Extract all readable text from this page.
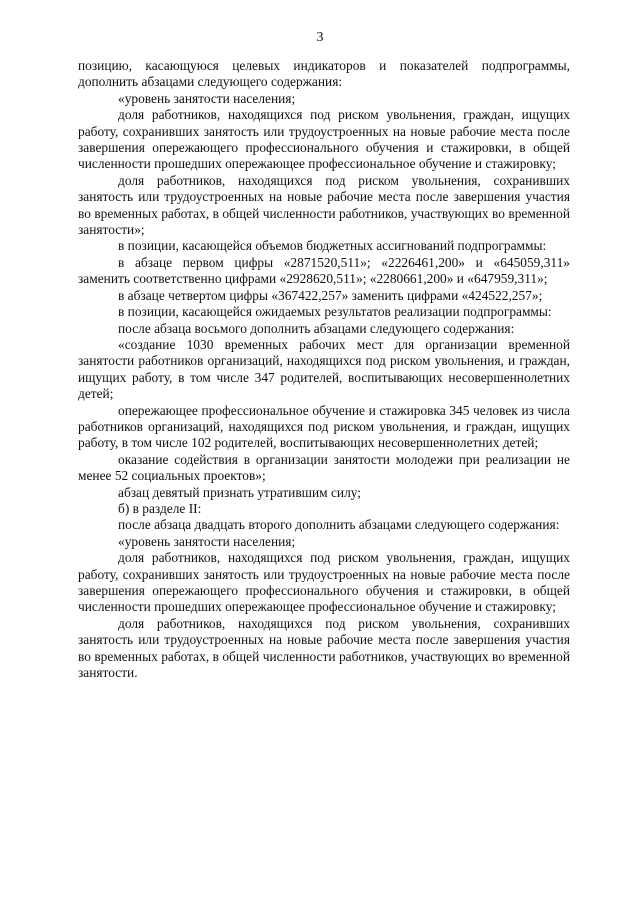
3

позицию, касающуюся целевых индикаторов и показателей подпрограммы, дополнить абзацами следующего содержания:

«уровень занятости населения;

доля работников, находящихся под риском увольнения, граждан, ищущих работу, сохранивших занятость или трудоустроенных на новые рабочие места после завершения опережающего профессионального обучения и стажировки, в общей численности прошедших опережающее профессиональное обучение и стажировку;

доля работников, находящихся под риском увольнения, сохранивших занятость или трудоустроенных на новые рабочие места после завершения участия во временных работах, в общей численности работников, участвующих во временной занятости»;

в позиции, касающейся объемов бюджетных ассигнований подпрограммы:

в абзаце первом цифры «2871520,511»; «2226461,200» и «645059,311» заменить соответственно цифрами «2928620,511»; «2280661,200» и «647959,311»;

в абзаце четвертом цифры «367422,257» заменить цифрами «424522,257»;

в позиции, касающейся ожидаемых результатов реализации подпрограммы:

после абзаца восьмого дополнить абзацами следующего содержания:

«создание 1030 временных рабочих мест для организации временной занятости работников организаций, находящихся под риском увольнения, и граждан, ищущих работу, в том числе 347 родителей, воспитывающих несовершеннолетних детей;

опережающее профессиональное обучение и стажировка 345 человек из числа работников организаций, находящихся под риском увольнения, и граждан, ищущих работу, в том числе 102 родителей, воспитывающих несовершеннолетних детей;

оказание содействия в организации занятости молодежи при реализации не менее 52 социальных проектов»;

абзац девятый признать утратившим силу;

б) в разделе II:

после абзаца двадцать второго дополнить абзацами следующего содержания:

«уровень занятости населения;

доля работников, находящихся под риском увольнения, граждан, ищущих работу, сохранивших занятость или трудоустроенных на новые рабочие места после завершения опережающего профессионального обучения и стажировки, в общей численности прошедших опережающее профессиональное обучение и стажировку;

доля работников, находящихся под риском увольнения, сохранивших занятость или трудоустроенных на новые рабочие места после завершения участия во временных работах, в общей численности работников, участвующих во временной занятости.
